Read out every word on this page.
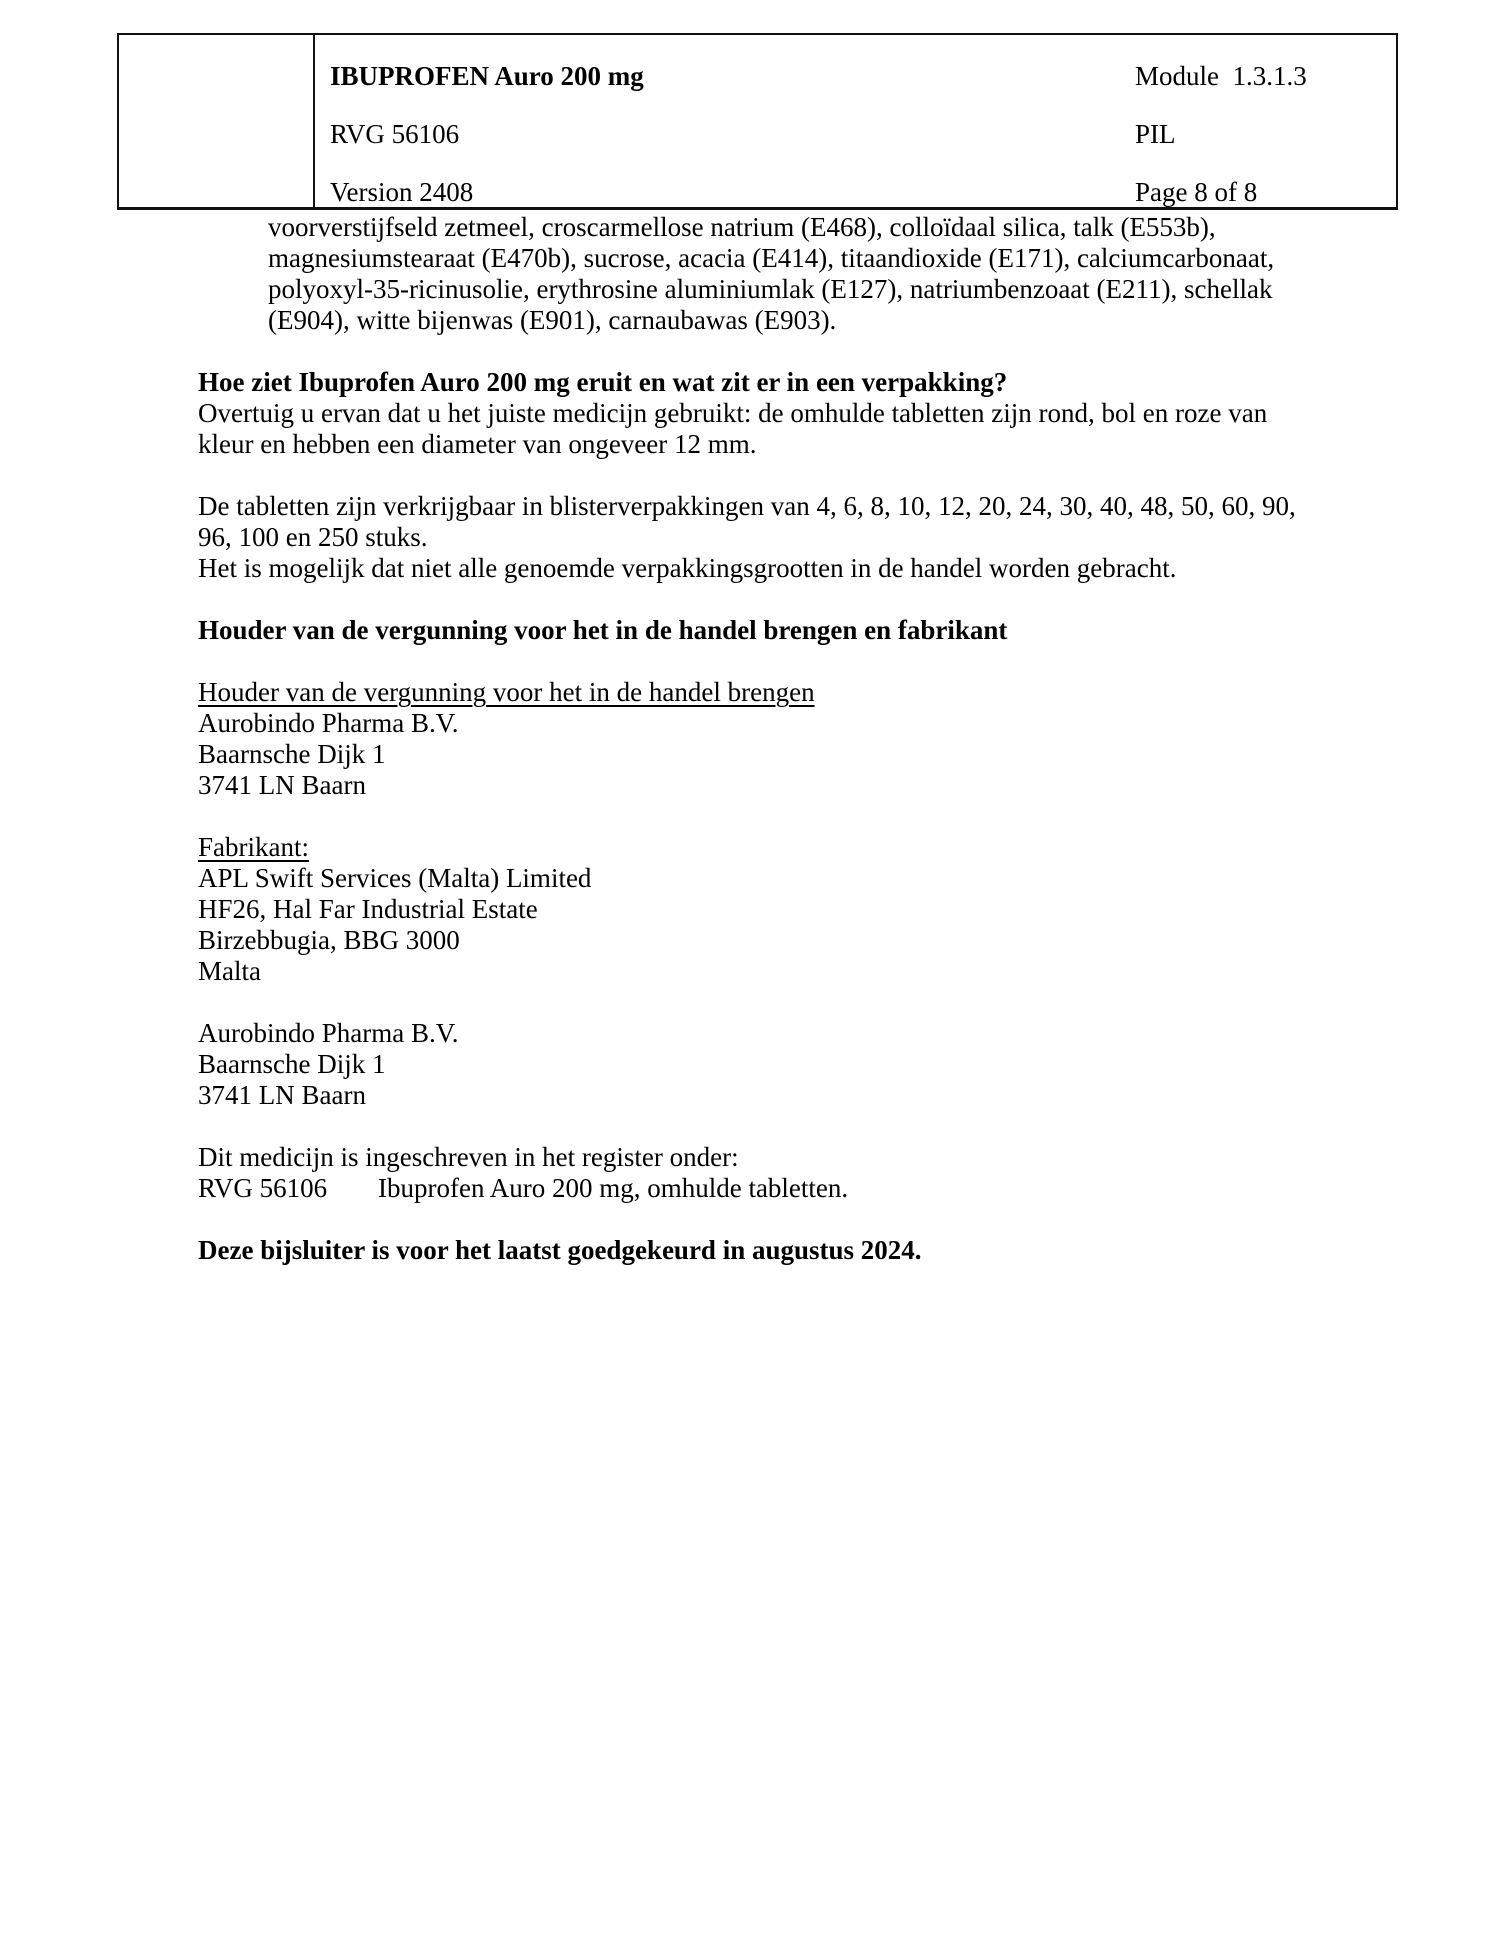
IBUPROFEN Auro 200 mg	Module  1.3.1.3
RVG 56106	PIL
Version 2408	Page 8 of 8

voorverstijfseld zetmeel, croscarmellose natrium (E468), colloïdaal silica, talk (E553b), magnesiumstearaat (E470b), sucrose, acacia (E414), titaandioxide (E171), calciumcarbonaat, polyoxyl-35-ricinusolie, erythrosine aluminiumlak (E127), natriumbenzoaat (E211), schellak (E904), witte bijenwas (E901), carnaubawas (E903).

Hoe ziet Ibuprofen Auro 200 mg eruit en wat zit er in een verpakking?

Overtuig u ervan dat u het juiste medicijn gebruikt: de omhulde tabletten zijn rond, bol en roze van kleur en hebben een diameter van ongeveer 12 mm.

De tabletten zijn verkrijgbaar in blisterverpakkingen van 4, 6, 8, 10, 12, 20, 24, 30, 40, 48, 50, 60, 90, 96, 100 en 250 stuks.

Het is mogelijk dat niet alle genoemde verpakkingsgrootten in de handel worden gebracht.

Houder van de vergunning voor het in de handel brengen en fabrikant

Houder van de vergunning voor het in de handel brengen

Aurobindo Pharma B.V.

Baarnsche Dijk 1

3741 LN Baarn

Fabrikant:

APL Swift Services (Malta) Limited

HF26, Hal Far Industrial Estate

Birzebbugia, BBG 3000

Malta

Aurobindo Pharma B.V.

Baarnsche Dijk 1

3741 LN Baarn

Dit medicijn is ingeschreven in het register onder:

RVG 56106 Ibuprofen Auro 200 mg, omhulde tabletten.

Deze bijsluiter is voor het laatst goedgekeurd in augustus 2024.
